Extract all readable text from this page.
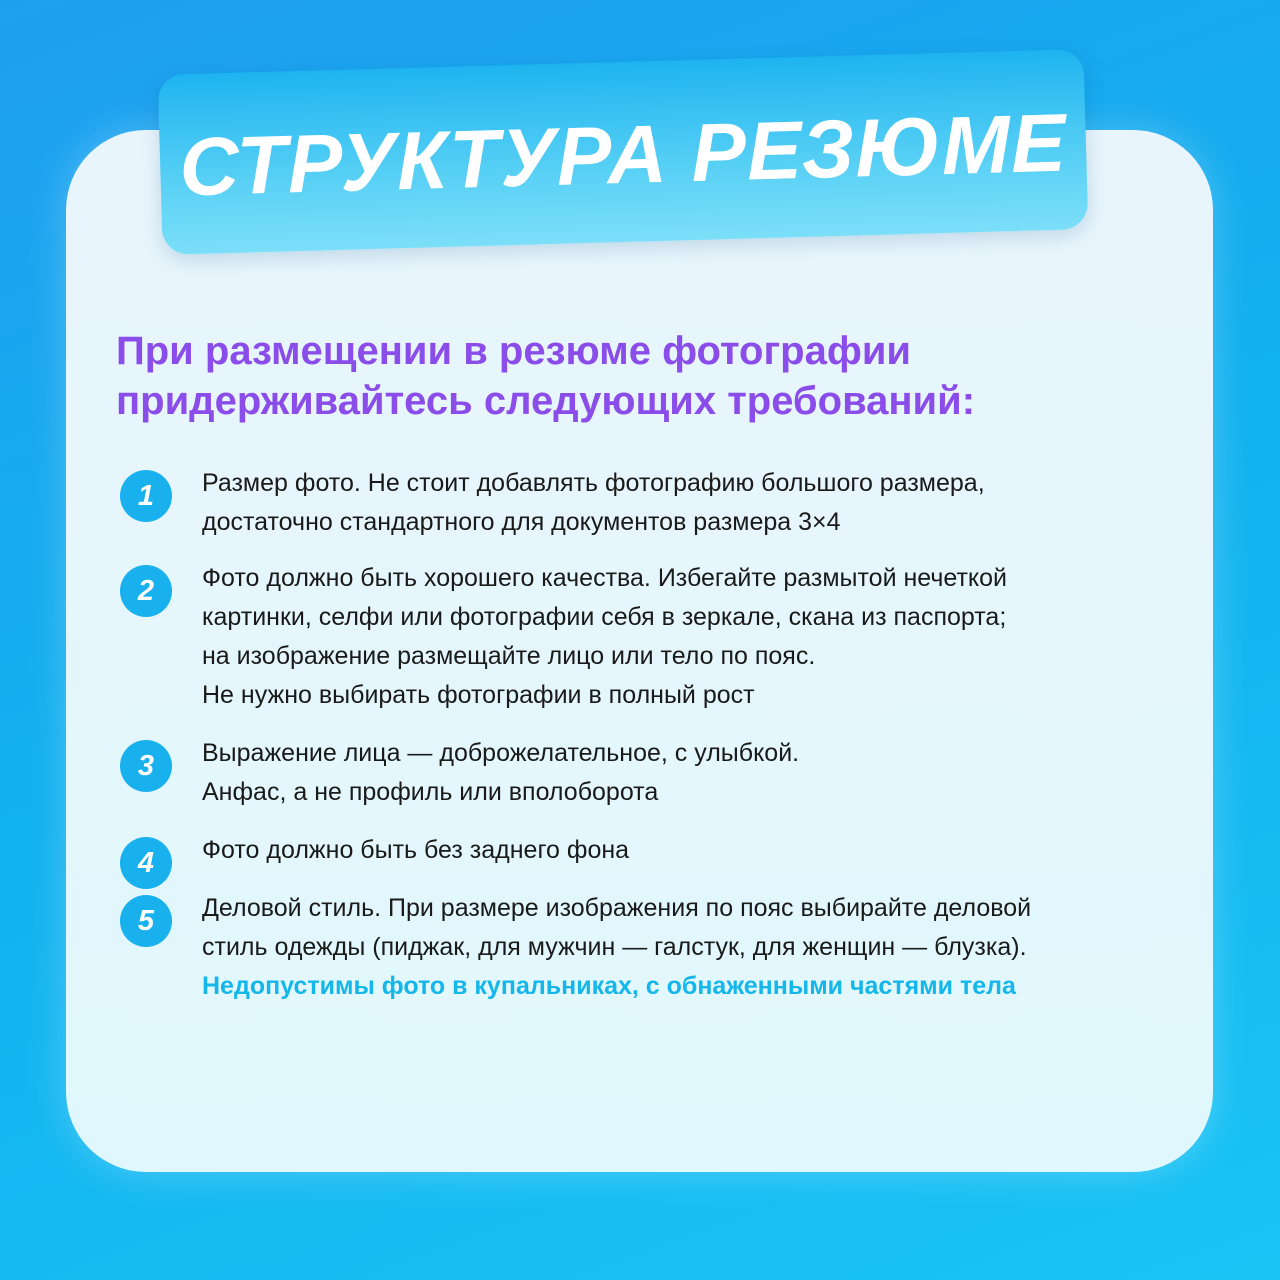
СТРУКТУРА РЕЗЮМЕ
При размещении в резюме фотографии
придерживайтесь следующих требований:
1	Размер фото. Не стоит добавлять фотографию большого размера,
достаточно стандартного для документов размера 3×4
2	Фото должно быть хорошего качества. Избегайте размытой нечеткой
картинки, селфи или фотографии себя в зеркале, скана из паспорта;
на изображение размещайте лицо или тело по пояс.
Не нужно выбирать фотографии в полный рост
3	Выражение лица — доброжелательное, с улыбкой.
Анфас, а не профиль или вполоборота
4	Фото должно быть без заднего фона
5	Деловой стиль. При размере изображения по пояс выбирайте деловой
стиль одежды (пиджак, для мужчин — галстук, для женщин — блузка).
Недопустимы фото в купальниках, с обнаженными частями тела
